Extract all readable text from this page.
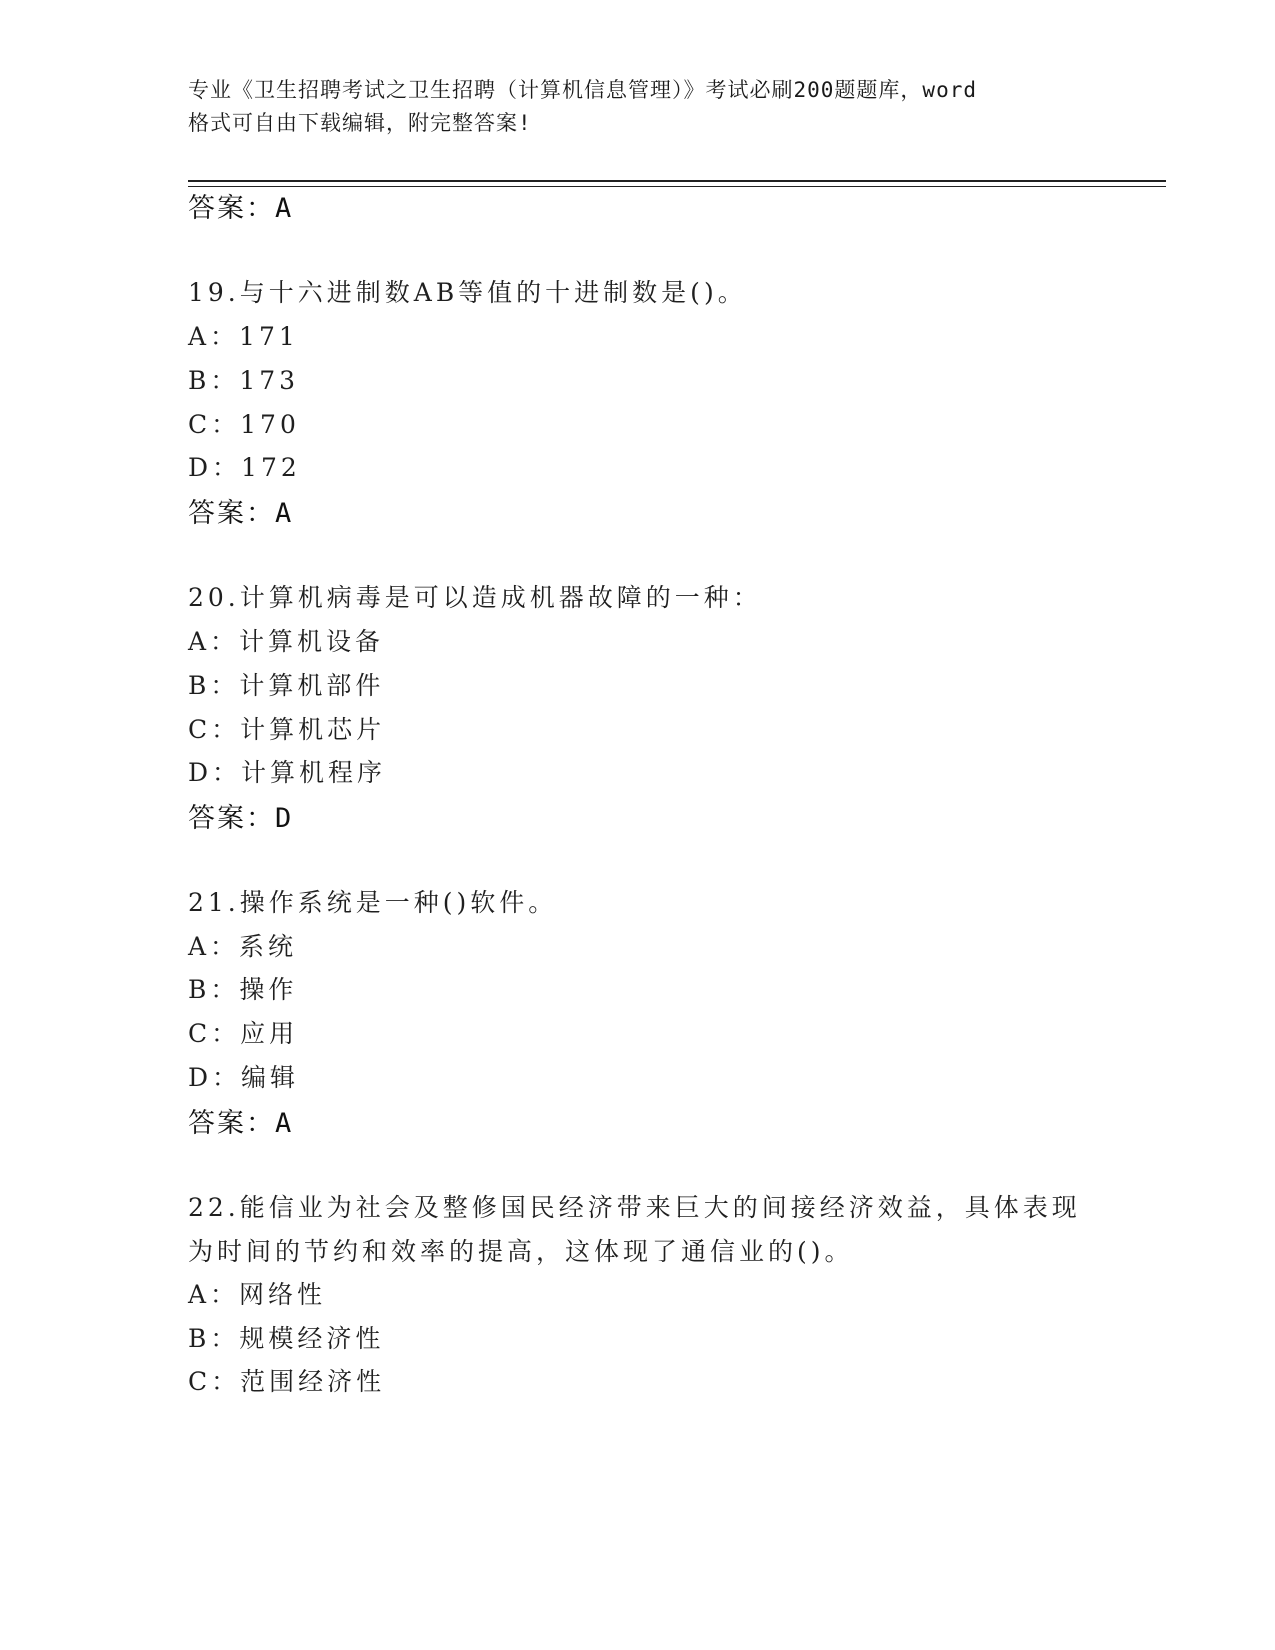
专业《卫生招聘考试之卫生招聘（计算机信息管理）》考试必刷200题题库，word
格式可自由下载编辑，附完整答案!
答案：A
19.与十六进制数AB等值的十进制数是()。
A：171
B：173
C：170
D：172
答案：A
20.计算机病毒是可以造成机器故障的一种：
A：计算机设备
B：计算机部件
C：计算机芯片
D：计算机程序
答案：D
21.操作系统是一种()软件。
A：系统
B：操作
C：应用
D：编辑
答案：A
22.能信业为社会及整修国民经济带来巨大的间接经济效益，具体表现
为时间的节约和效率的提高，这体现了通信业的()。
A：网络性
B：规模经济性
C：范围经济性
